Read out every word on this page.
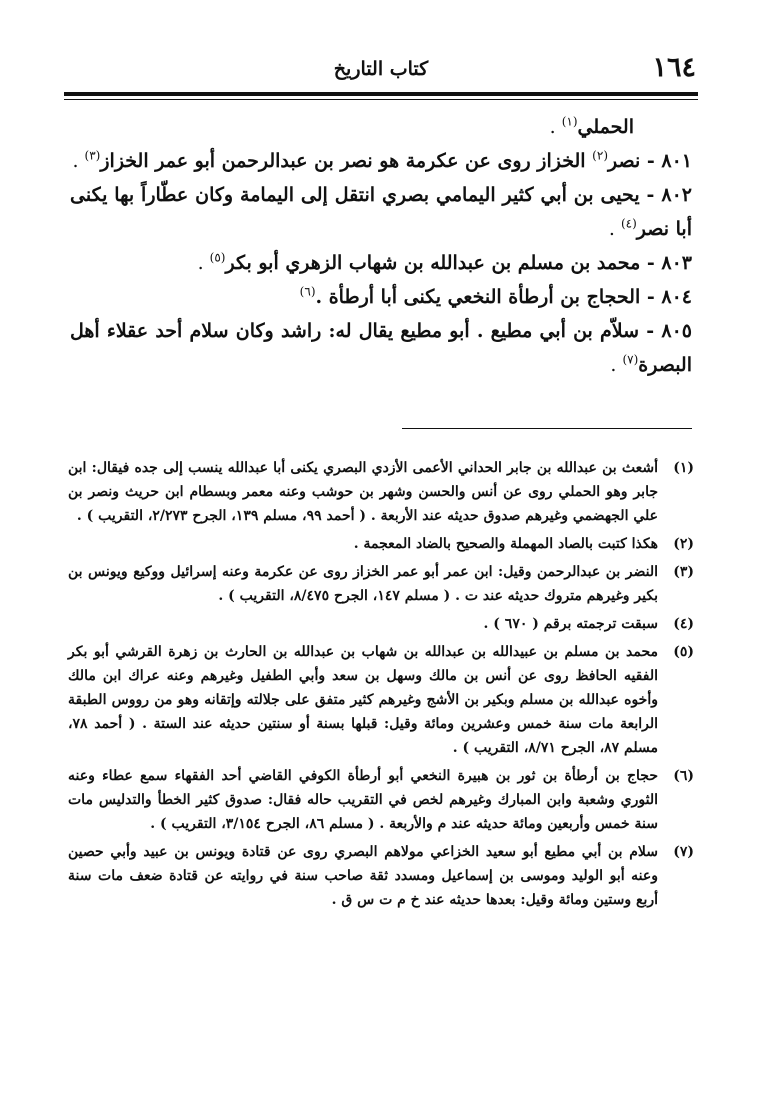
١٦٤
كتاب التاريخ

الحملي$^{(١)}$ .

٨٠١ - نصر$^{(٢)}$ الخزاز روى عن عكرمة هو نصر بن عبدالرحمن أبو عمر الخزاز$^{(٣)}$ .

٨٠٢ - يحيى بن أبي كثير اليمامي بصري انتقل إلى اليمامة وكان عطّاراً بها يكنى أبا نصر$^{(٤)}$ .

٨٠٣ - محمد بن مسلم بن عبدالله بن شهاب الزهري أبو بكر$^{(٥)}$ .

٨٠٤ - الحجاج بن أرطأة النخعي يكنى أبا أرطأة .$^{(٦)}$

٨٠٥ - سلاّم بن أبي مطيع . أبو مطيع يقال له: راشد وكان سلام أحد عقلاء أهل البصرة$^{(٧)}$ .

(١)
أشعث بن عبدالله بن جابر الحداني الأعمى الأزدي البصري يكنى أبا عبدالله ينسب إلى جده فيقال: ابن جابر وهو الحملي روى عن أنس والحسن وشهر بن حوشب وعنه معمر وبسطام ابن حريث ونصر بن علي الجهضمي وغيرهم صدوق حديثه عند الأربعة . ( أحمد ٩٩، مسلم ١٣٩، الجرح ٢/٢٧٣، التقريب ) .
(٢)
هكذا كتبت بالصاد المهملة والصحيح بالضاد المعجمة .
(٣)
النضر بن عبدالرحمن وقيل: ابن عمر أبو عمر الخزاز روى عن عكرمة وعنه إسرائيل ووكيع ويونس بن بكير وغيرهم متروك حديثه عند ت . ( مسلم ١٤٧، الجرح ٨/٤٧٥، التقريب ) .
(٤)
سبقت ترجمته برقم ( ٦٧٠ ) .
(٥)
محمد بن مسلم بن عبيدالله بن عبدالله بن شهاب بن عبدالله بن الحارث بن زهرة القرشي أبو بكر الفقيه الحافظ روى عن أنس بن مالك وسهل بن سعد وأبي الطفيل وغيرهم وعنه عراك ابن مالك وأخوه عبدالله بن مسلم وبكير بن الأشج وغيرهم كثير متفق على جلالته وإتقانه وهو من رووس الطبقة الرابعة مات سنة خمس وعشرين ومائة وقيل: قبلها بسنة أو سنتين حديثه عند الستة . ( أحمد ٧٨، مسلم ٨٧، الجرح ٨/٧١، التقريب ) .
(٦)
حجاج بن أرطأة بن ثور بن هبيرة النخعي أبو أرطأة الكوفي القاضي أحد الفقهاء سمع عطاء وعنه الثوري وشعبة وابن المبارك وغيرهم لخص في التقريب حاله فقال: صدوق كثير الخطأ والتدليس مات سنة خمس وأربعين ومائة حديثه عند م والأربعة . ( مسلم ٨٦، الجرح ٣/١٥٤، التقريب ) .
(٧)
سلام بن أبي مطيع أبو سعيد الخزاعي مولاهم البصري روى عن قتادة ويونس بن عبيد وأبي حصين وعنه أبو الوليد وموسى بن إسماعيل ومسدد ثقة صاحب سنة في روايته عن قتادة ضعف مات سنة أربع وستين ومائة وقيل: بعدها حديثه عند خ م ت س ق .
